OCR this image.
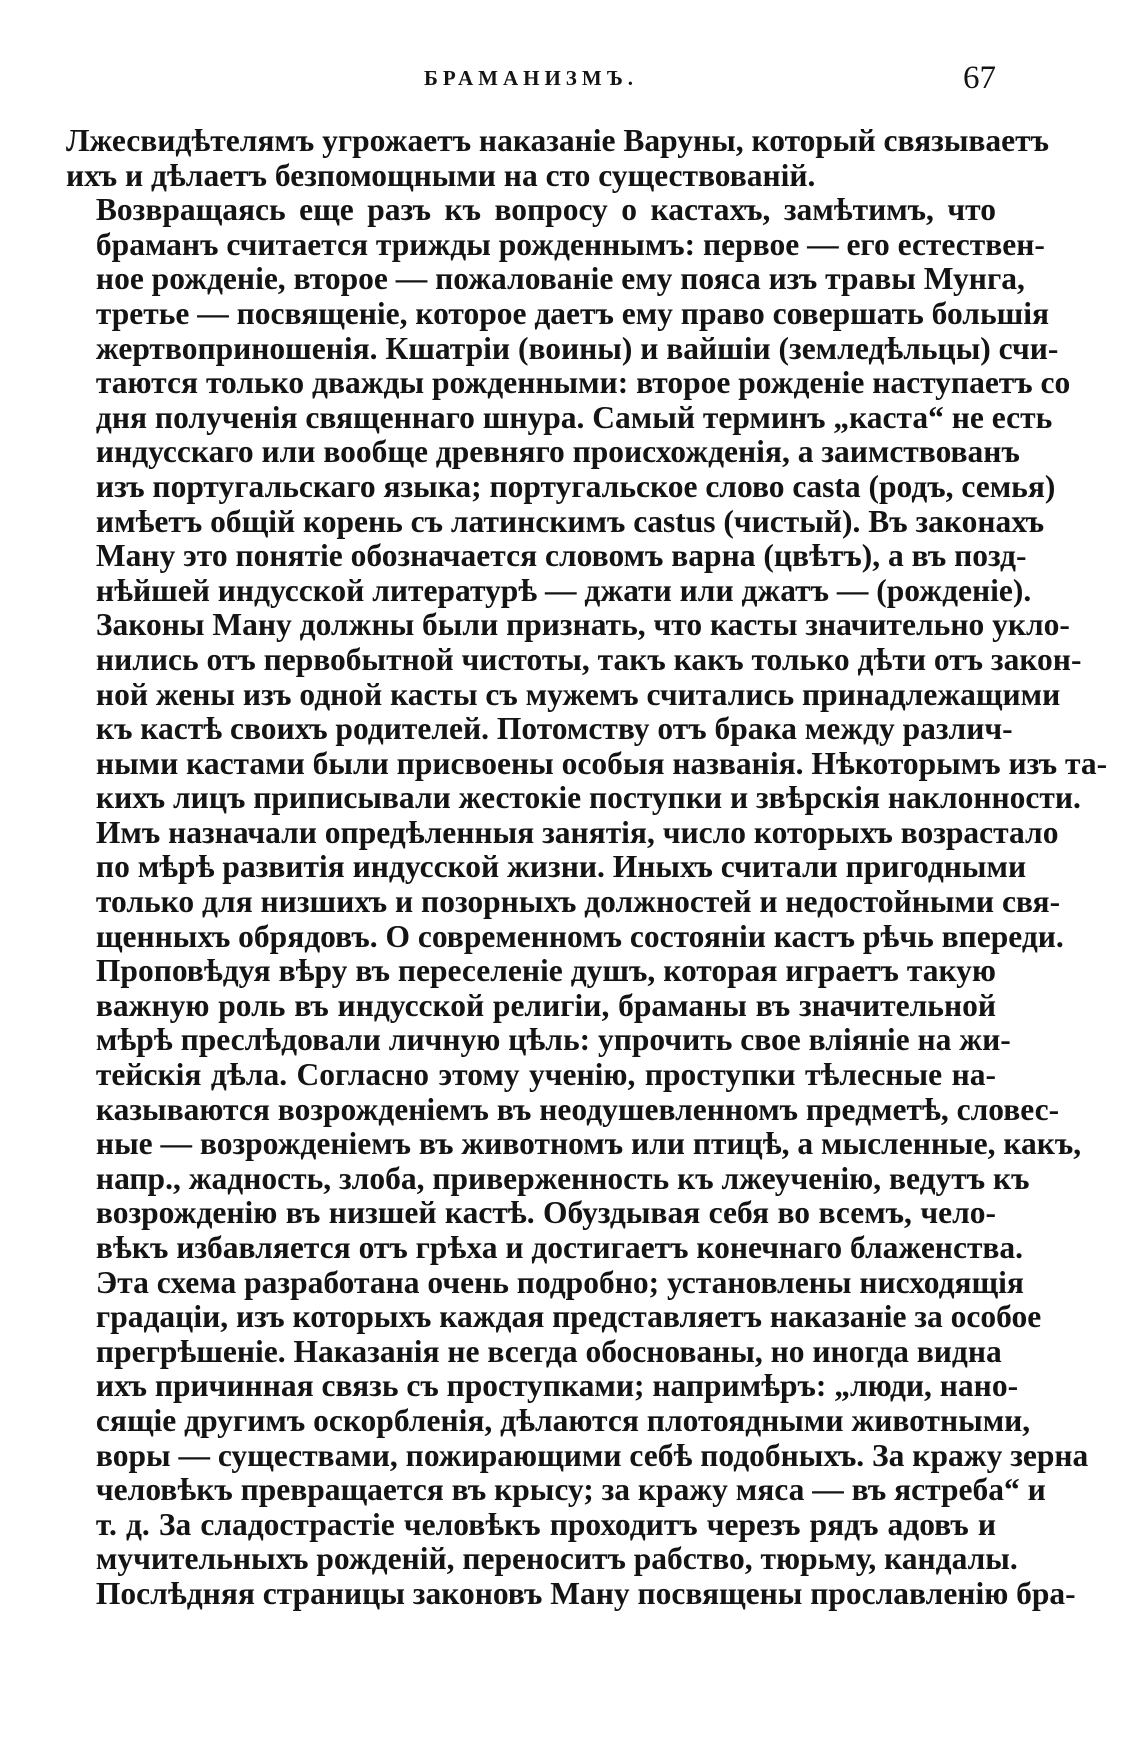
БРАМАНИЗМЪ.	67

Лжесвидѣтелямъ угрожаетъ наказаніе Варуны, который связываетъ
ихъ и дѣлаетъ безпомощными на сто существованій.

Возвращаясь еще разъ къ вопросу о кастахъ, замѣтимъ, что
браманъ считается трижды рожденнымъ: первое — его естествен-
ное рожденіе, второе — пожалованіе ему пояса изъ травы Мунга,
третье — посвященіе, которое даетъ ему право совершать большія
жертвоприношенія. Кшатріи (воины) и вайшіи (земледѣльцы) счи-
таются только дважды рожденными: второе рожденіе наступаетъ со
дня полученія священнаго шнура. Самый терминъ „каста“ не есть
индусскаго или вообще древняго происхожденія, а заимствованъ
изъ португальскаго языка; португальское слово casta (родъ, семья)
имѣетъ общій корень съ латинскимъ castus (чистый). Въ законахъ
Ману это понятіе обозначается словомъ варна (цвѣтъ), а въ позд-
нѣйшей индусской литературѣ — джати или джатъ — (рожденіе).

Законы Ману должны были признать, что касты значительно укло-
нились отъ первобытной чистоты, такъ какъ только дѣти отъ закон-
ной жены изъ одной касты съ мужемъ считались принадлежащими
къ кастѣ своихъ родителей. Потомству отъ брака между различ-
ными кастами были присвоены особыя названія. Нѣкоторымъ изъ та-
кихъ лицъ приписывали жестокіе поступки и звѣрскія наклонности.
Имъ назначали опредѣленныя занятія, число которыхъ возрастало
по мѣрѣ развитія индусской жизни. Иныхъ считали пригодными
только для низшихъ и позорныхъ должностей и недостойными свя-
щенныхъ обрядовъ. О современномъ состояніи кастъ рѣчь впереди.

Проповѣдуя вѣру въ переселеніе душъ, которая играетъ такую
важную роль въ индусской религіи, браманы въ значительной
мѣрѣ преслѣдовали личную цѣль: упрочить свое вліяніе на жи-
тейскія дѣла. Согласно этому ученію, проступки тѣлесные на-
казываются возрожденіемъ въ неодушевленномъ предметѣ, словес-
ные — возрожденіемъ въ животномъ или птицѣ, а мысленные, какъ,
напр., жадность, злоба, приверженность къ лжеученію, ведутъ къ
возрожденію въ низшей кастѣ. Обуздывая себя во всемъ, чело-
вѣкъ избавляется отъ грѣха и достигаетъ конечнаго блаженства.
Эта схема разработана очень подробно; установлены нисходящія
градаціи, изъ которыхъ каждая представляетъ наказаніе за особое
прегрѣшеніе. Наказанія не всегда обоснованы, но иногда видна
ихъ причинная связь съ проступками; напримѣръ: „люди, нано-
сящіе другимъ оскорбленія, дѣлаются плотоядными животными,
воры — существами, пожирающими себѣ подобныхъ. За кражу зерна
человѣкъ превращается въ крысу; за кражу мяса — въ ястреба“ и
т. д. За сладострастіе человѣкъ проходитъ черезъ рядъ адовъ и
мучительныхъ рожденій, переноситъ рабство, тюрьму, кандалы.
Послѣдняя страницы законовъ Ману посвящены прославленію бра-
